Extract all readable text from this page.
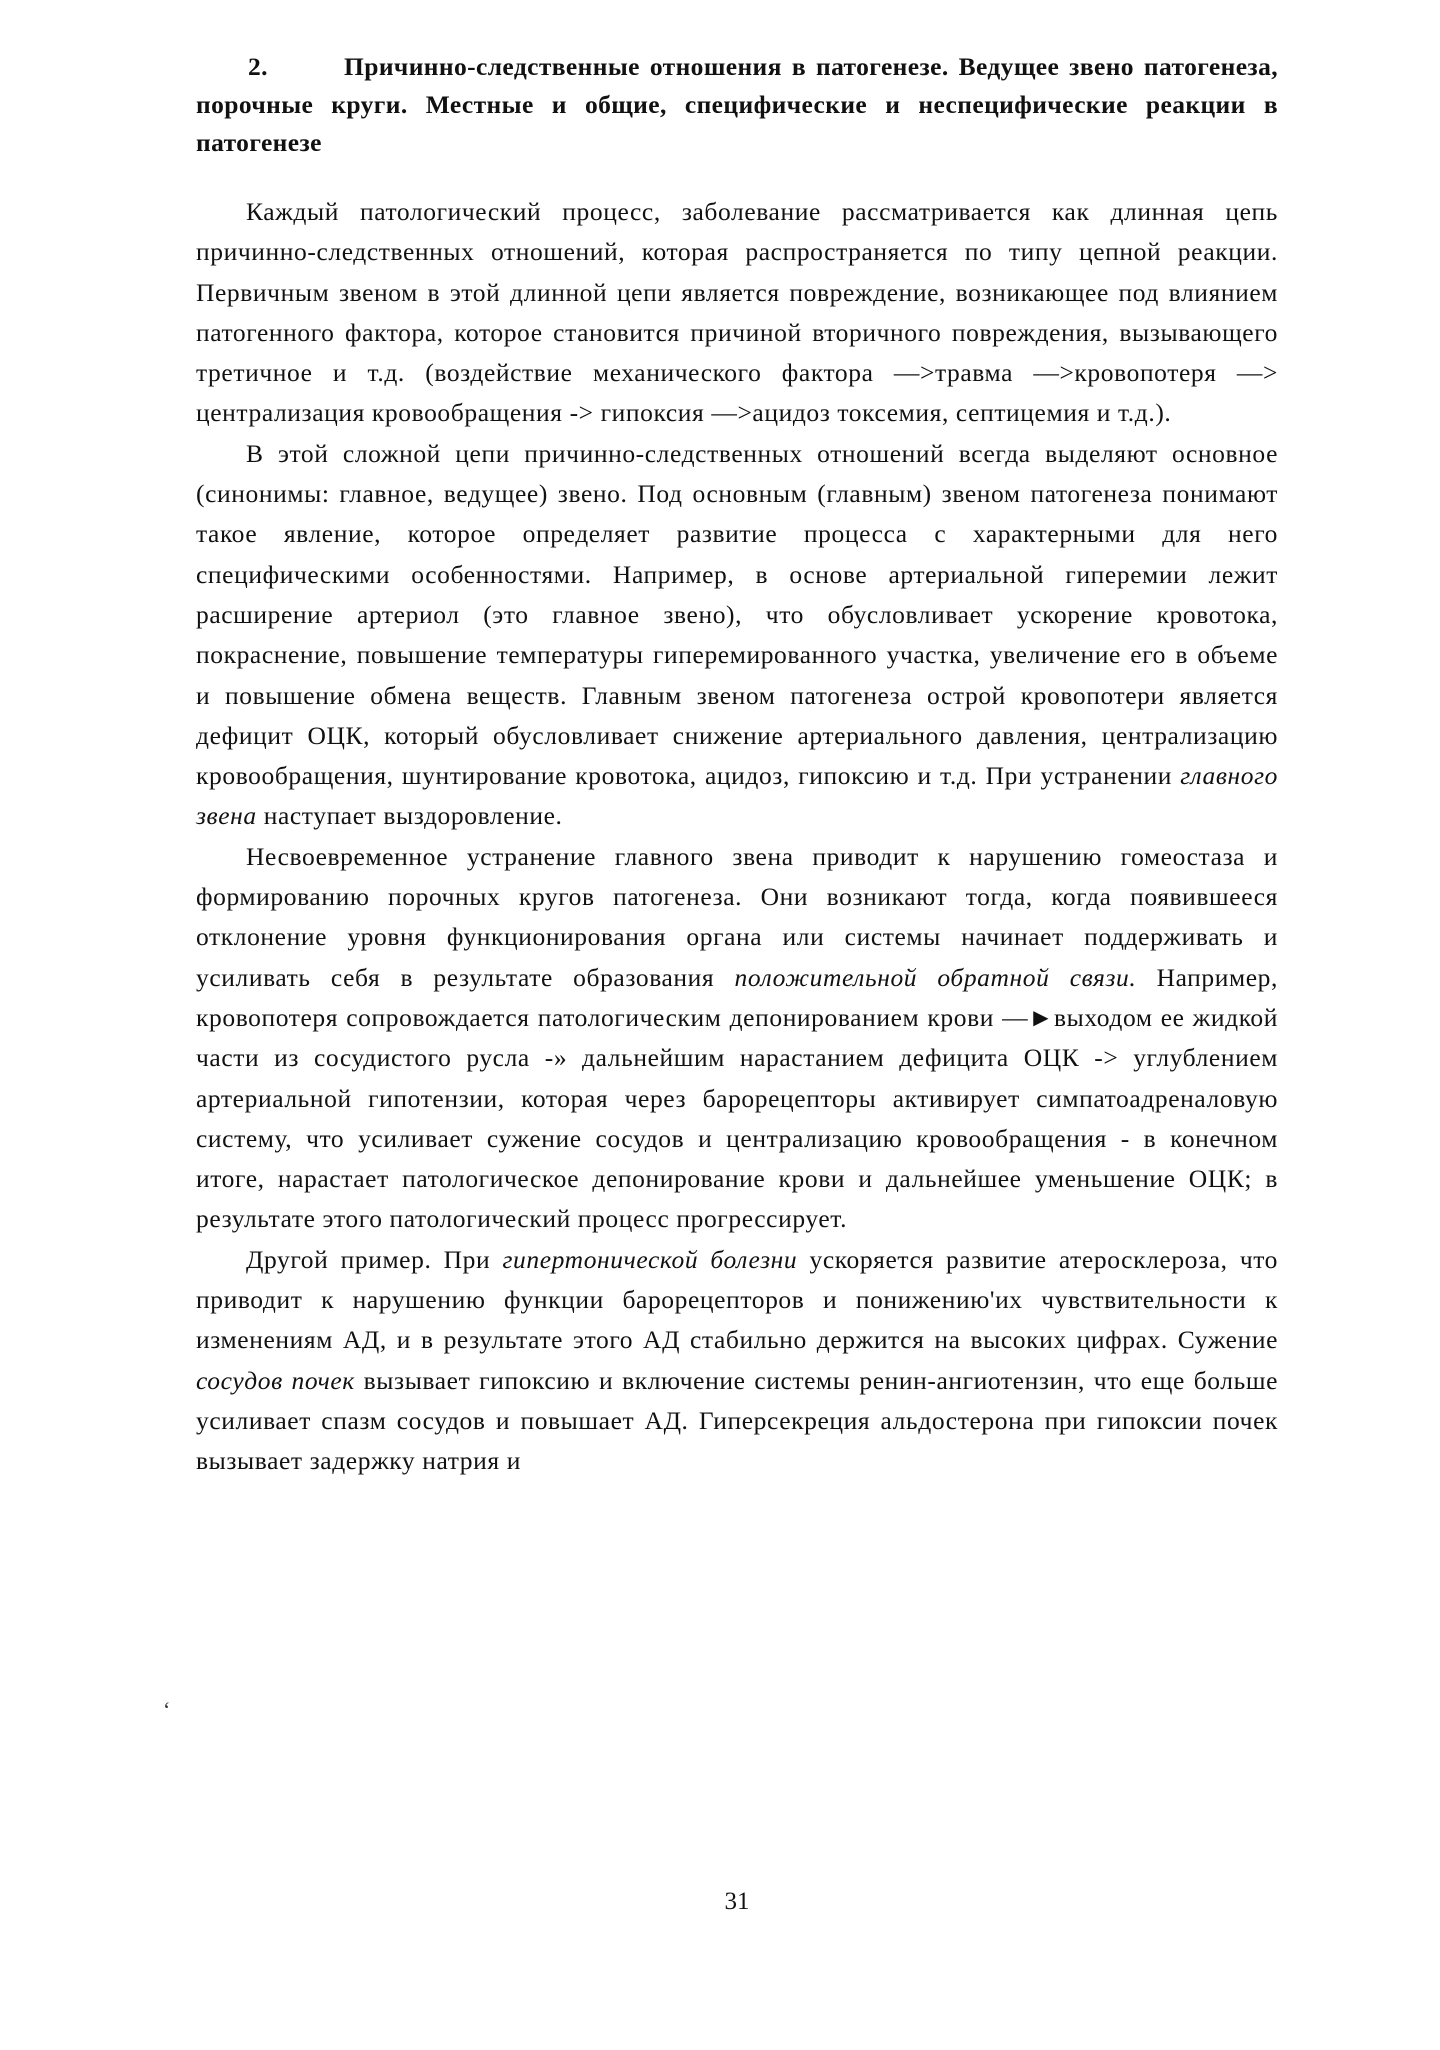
2.	Причинно-следственные отношения в патогенезе. Ведущее звено патогенеза, порочные круги. Местные и общие, специфические и неспецифические реакции в патогенезе

Каждый патологический процесс, заболевание рассматривается как длинная цепь причинно-следственных отношений, которая распространяется по типу цепной реакции. Первичным звеном в этой длинной цепи является повреждение, возникающее под влиянием патогенного фактора, которое становится причиной вторичного повреждения, вызывающего третичное и т.д. (воздействие механического фактора —>травма —>кровопотеря —> централизация кровообращения -> гипоксия —>ацидоз токсемия, септицемия и т.д.).

В этой сложной цепи причинно-следственных отношений всегда выделяют основное (синонимы: главное, ведущее) звено. Под основным (главным) звеном патогенеза понимают такое явление, которое определяет развитие процесса с характерными для него специфическими особенностями. Например, в основе артериальной гиперемии лежит расширение артериол (это главное звено), что обусловливает ускорение кровотока, покраснение, повышение температуры гиперемированного участка, увеличение его в объеме и повышение обмена веществ. Главным звеном патогенеза острой кровопотери является дефицит ОЦК, который обусловливает снижение артериального давления, централизацию кровообращения, шунтирование кровотока, ацидоз, гипоксию и т.д. При устранении главного звена наступает выздоровление.

Несвоевременное устранение главного звена приводит к нарушению гомеостаза и формированию порочных кругов патогенеза. Они возникают тогда, когда появившееся отклонение уровня функционирования органа или системы начинает поддерживать и усиливать себя в результате образования положительной обратной связи. Например, кровопотеря сопровождается патологическим депонированием крови —►выходом ее жидкой части из сосудистого русла -» дальнейшим нарастанием дефицита ОЦК -> углублением артериальной гипотензии, которая через барорецепторы активирует симпатоадреналовую систему, что усиливает сужение сосудов и централизацию кровообращения - в конечном итоге, нарастает патологическое депонирование крови и дальнейшее уменьшение ОЦК; в результате этого патологический процесс прогрессирует.

Другой пример. При гипертонической болезни ускоряется развитие атеросклероза, что приводит к нарушению функции барорецепторов и понижению'их чувствительности к изменениям АД, и в результате этого АД стабильно держится на высоких цифрах. Сужение сосудов почек вызывает гипоксию и включение системы ренин-ангиотензин, что еще больше усиливает спазм сосудов и повышает АД. Гиперсекреция альдостерона при гипоксии почек вызывает задержку натрия и

31
‘
